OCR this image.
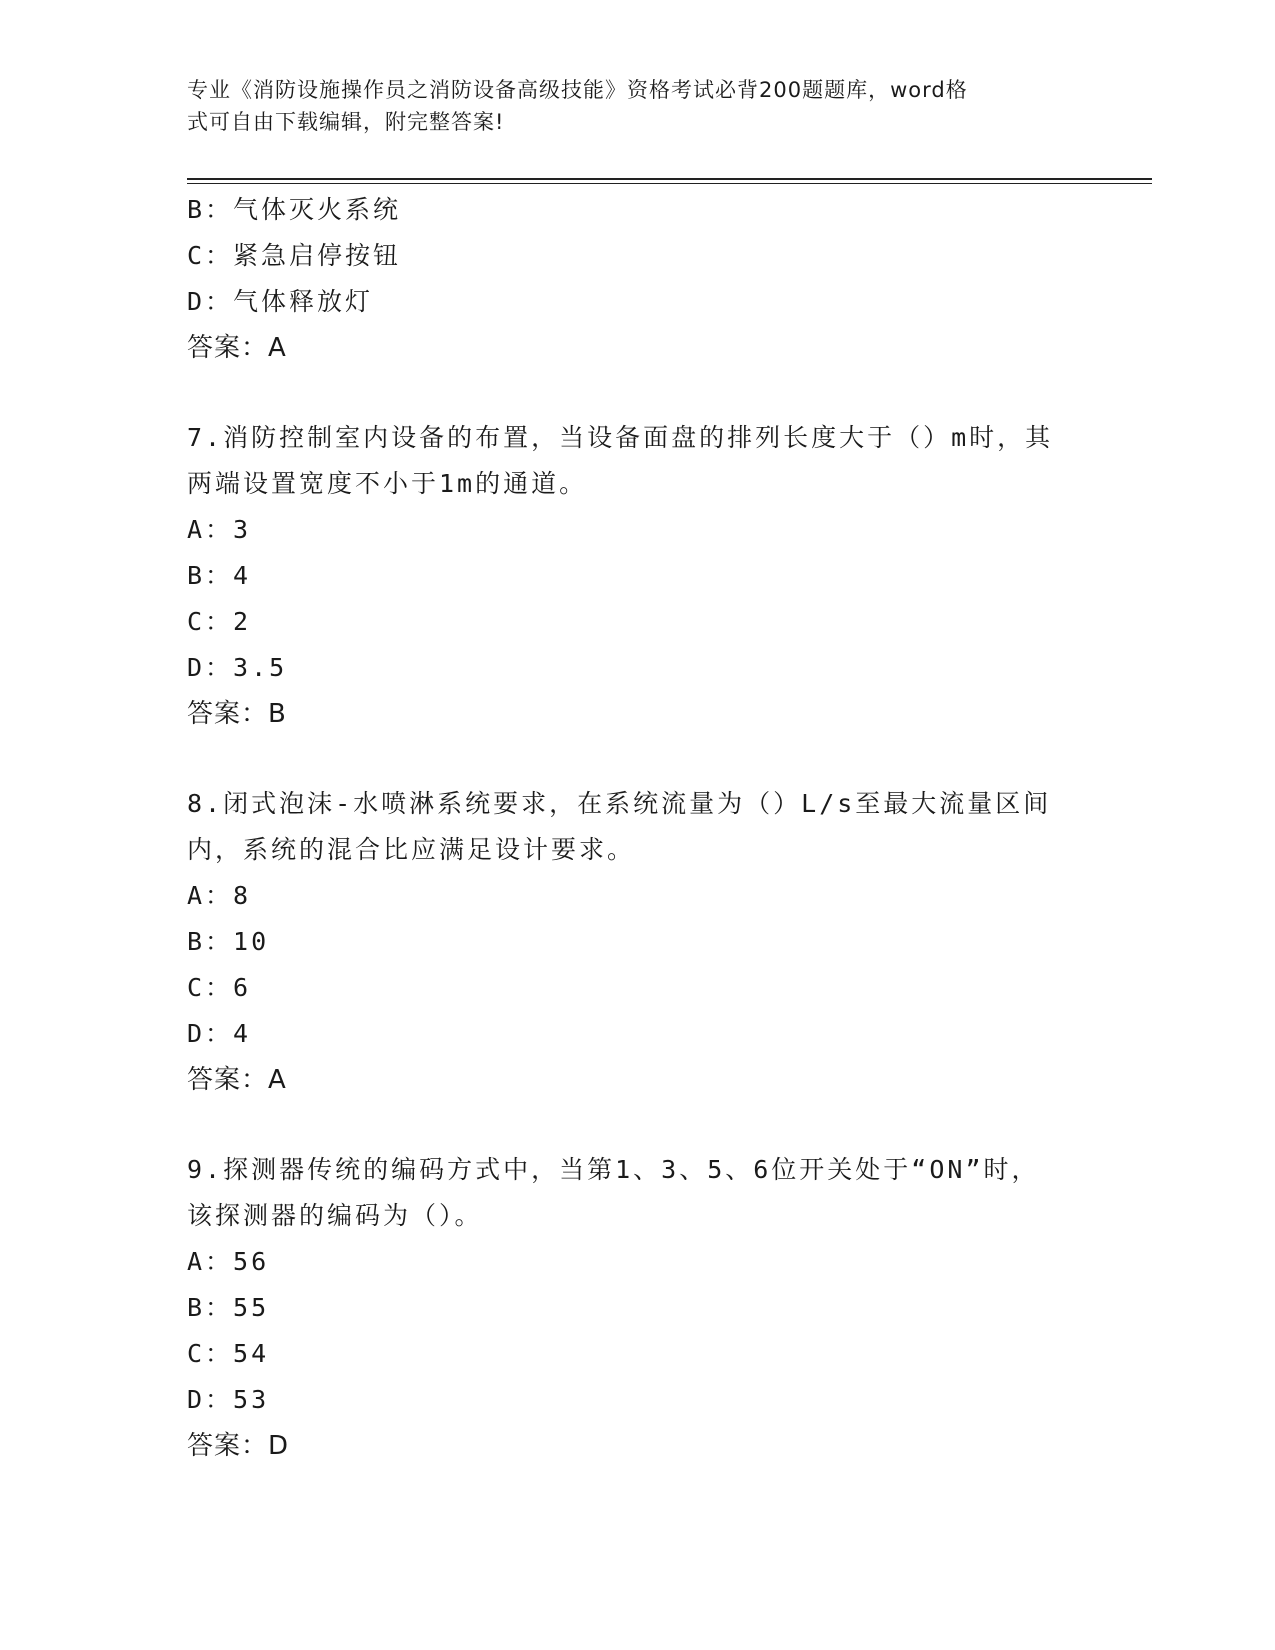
专业《消防设施操作员之消防设备高级技能》资格考试必背200题题库，word格
式可自由下载编辑，附完整答案!
B：气体灭火系统
C：紧急启停按钮
D：气体释放灯
答案：A
7.消防控制室内设备的布置，当设备面盘的排列长度大于（）m时，其
两端设置宽度不小于1m的通道。
A：3
B：4
C：2
D：3.5
答案：B
8.闭式泡沫-水喷淋系统要求，在系统流量为（）L/s至最大流量区间
内，系统的混合比应满足设计要求。
A：8
B：10
C：6
D：4
答案：A
9.探测器传统的编码方式中，当第1、3、5、6位开关处于“ON”时，
该探测器的编码为（）。
A：56
B：55
C：54
D：53
答案：D
